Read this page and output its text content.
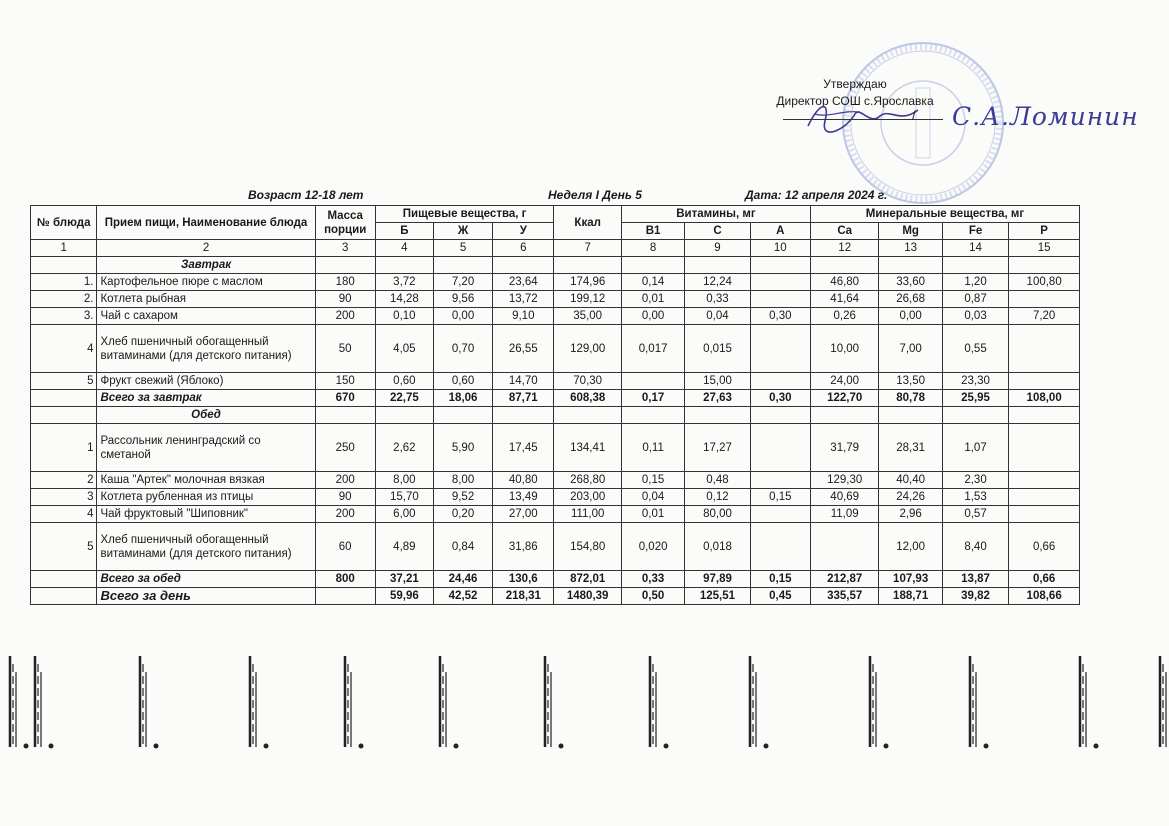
Утверждаю
Директор СОШ с.Ярославка
/ С.А.Ломинин
Возраст 12-18 лет	Неделя I День 5	Дата: 12 апреля 2024 г.
№ блюда	Прием пищи, Наименование блюда	Масса порции	Пищевые вещества, г			Ккал	Витамины, мг			Минеральные вещества, мг			
			Б	Ж	У		В1	С	А	Ca	Mg	Fe	P
1	2	3	4	5	6	7	8	9	10	12	13	14	15
	Завтрак												
1.	Картофельное пюре с маслом	180	3,72	7,20	23,64	174,96	0,14	12,24		46,80	33,60	1,20	100,80
2.	Котлета рыбная	90	14,28	9,56	13,72	199,12	0,01	0,33		41,64	26,68	0,87	
3.	Чай с сахаром	200	0,10	0,00	9,10	35,00	0,00	0,04	0,30	0,26	0,00	0,03	7,20
4	Хлеб пшеничный обогащенный витаминами (для детского питания)	50	4,05	0,70	26,55	129,00	0,017	0,015		10,00	7,00	0,55	
5	Фрукт свежий (Яблоко)	150	0,60	0,60	14,70	70,30		15,00		24,00	13,50	23,30	
	Всего за завтрак	670	22,75	18,06	87,71	608,38	0,17	27,63	0,30	122,70	80,78	25,95	108,00
	Обед												
1	Рассольник ленинградский со сметаной	250	2,62	5,90	17,45	134,41	0,11	17,27		31,79	28,31	1,07	
2	Каша "Артек" молочная вязкая	200	8,00	8,00	40,80	268,80	0,15	0,48		129,30	40,40	2,30	
3	Котлета рубленная из птицы	90	15,70	9,52	13,49	203,00	0,04	0,12	0,15	40,69	24,26	1,53	
4	Чай фруктовый "Шиповник"	200	6,00	0,20	27,00	111,00	0,01	80,00		11,09	2,96	0,57	
5	Хлеб пшеничный обогащенный витаминами (для детского питания)	60	4,89	0,84	31,86	154,80	0,020	0,018			12,00	8,40	0,66
	Всего за обед	800	37,21	24,46	130,6	872,01	0,33	97,89	0,15	212,87	107,93	13,87	0,66
	Всего за день		59,96	42,52	218,31	1480,39	0,50	125,51	0,45	335,57	188,71	39,82	108,66
